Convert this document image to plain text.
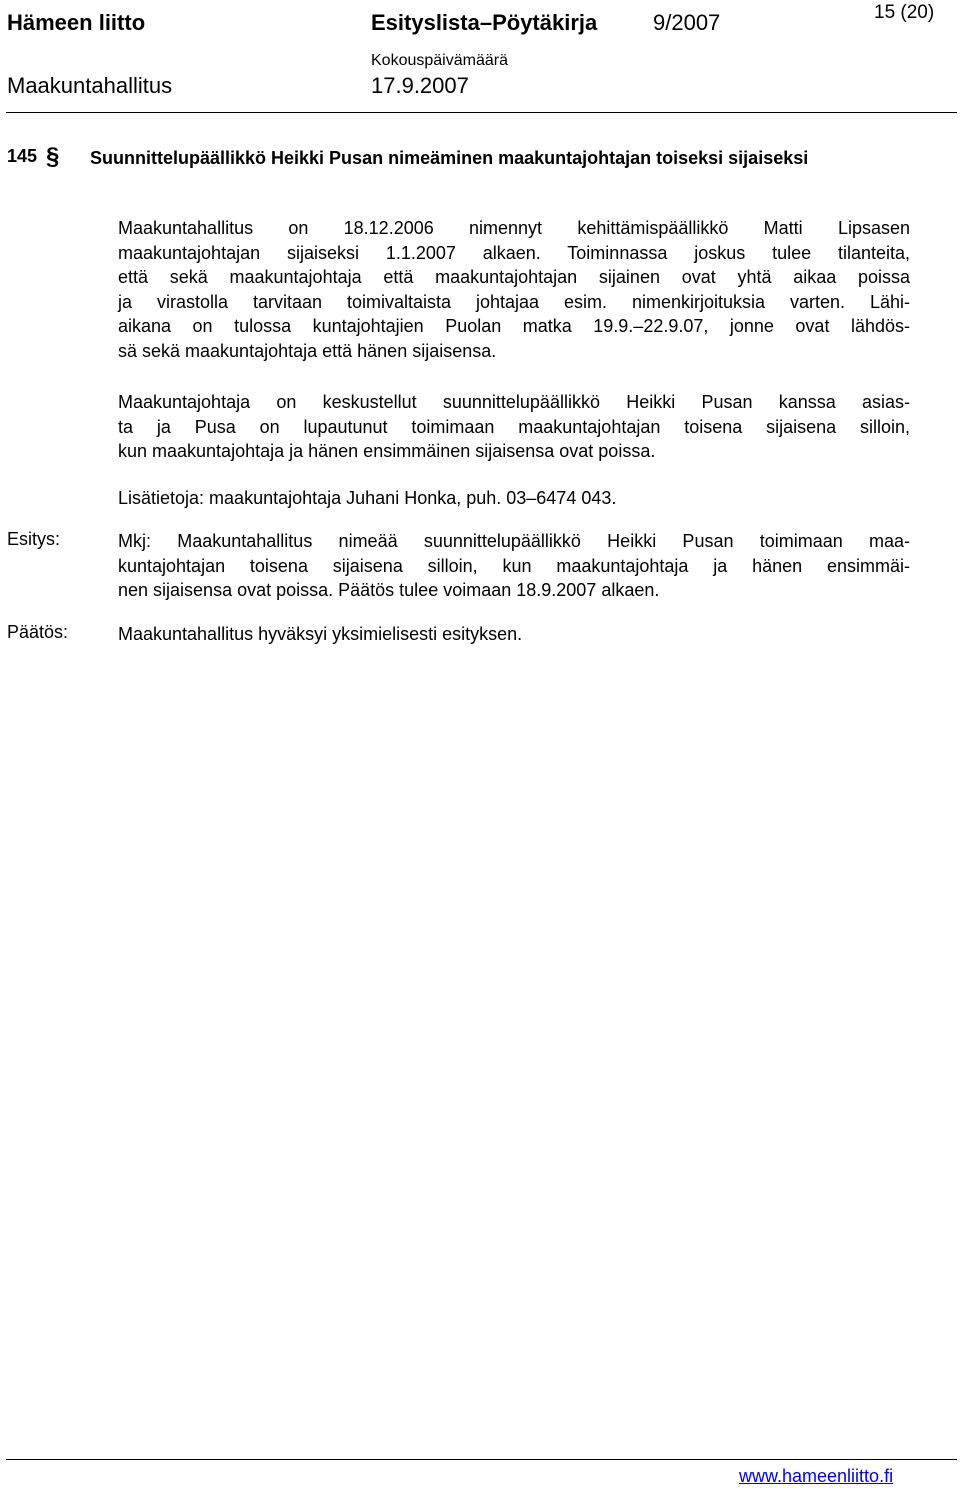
Hämeen liitto	Esityslista–Pöytäkirja	9/2007	15 (20)
Kokouspäivämäärä
Maakuntahallitus	17.9.2007
145 § Suunnittelupäällikkö Heikki Pusan nimeäminen maakuntajohtajan toiseksi sijaiseksi
Maakuntahallitus on 18.12.2006 nimennyt kehittämispäällikkö Matti Lipsasen
maakuntajohtajan sijaiseksi 1.1.2007 alkaen. Toiminnassa joskus tulee tilanteita,
että sekä maakuntajohtaja että maakuntajohtajan sijainen ovat yhtä aikaa poissa
ja virastolla tarvitaan toimivaltaista johtajaa esim. nimenkirjoituksia varten. Lähi-
aikana on tulossa kuntajohtajien Puolan matka 19.9.–22.9.07, jonne ovat lähdös-
sä sekä maakuntajohtaja että hänen sijaisensa.
Maakuntajohtaja on keskustellut suunnittelupäällikkö Heikki Pusan kanssa asias-
ta ja Pusa on lupautunut toimimaan maakuntajohtajan toisena sijaisena silloin,
kun maakuntajohtaja ja hänen ensimmäinen sijaisensa ovat poissa.
Lisätietoja: maakuntajohtaja Juhani Honka, puh. 03–6474 043.
Esitys:	Mkj: Maakuntahallitus nimeää suunnittelupäällikkö Heikki Pusan toimimaan maa-
kuntajohtajan toisena sijaisena silloin, kun maakuntajohtaja ja hänen ensimmäi-
nen sijaisensa ovat poissa. Päätös tulee voimaan 18.9.2007 alkaen.
Päätös:	Maakuntahallitus hyväksyi yksimielisesti esityksen.
www.hameenliitto.fi
